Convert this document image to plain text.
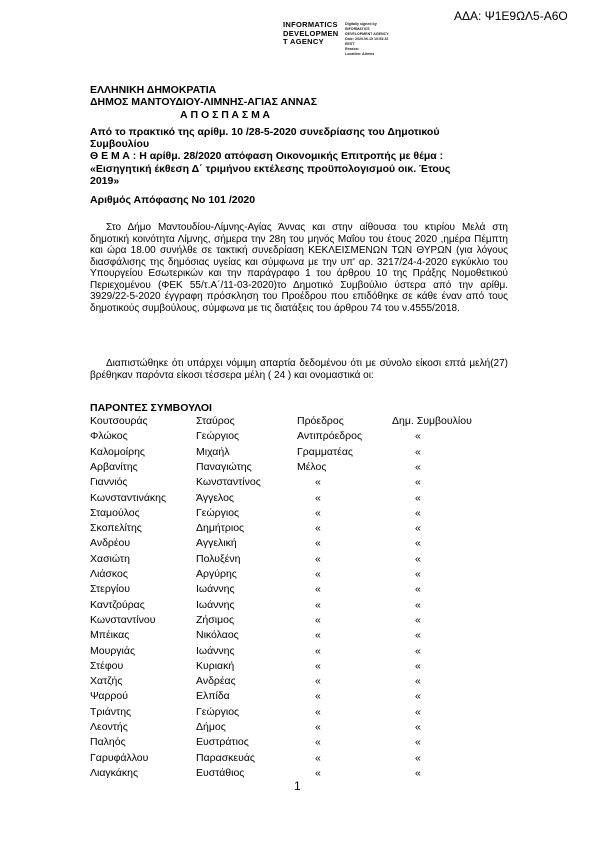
ΑΔΑ: Ψ1Ε9ΩΛ5-Α6Ο
INFORMATICS
DEVELOPMEN
T AGENCY
Digitally signed by
INFORMATICS
DEVELOPMENT AGENCY
Date: 2020.06.15 10:53:32
EEST
Reason:
Location: Athens
ΕΛΛΗΝΙΚΗ ΔΗΜΟΚΡΑΤΙΑ
ΔΗΜΟΣ ΜΑΝΤΟΥΔΙΟΥ-ΛΙΜΝΗΣ-ΑΓΙΑΣ ΑΝΝΑΣ
Α Π Ο Σ Π Α Σ Μ Α
Από το πρακτικό της αρίθμ. 10 /28-5-2020 συνεδρίασης του Δημοτικού
Συμβουλίου
Θ Ε Μ Α : Η αρίθμ. 28/2020 απόφαση Οικονομικής Επιτροπής με θέμα :
«Εισηγητική έκθεση Δ΄ τριμήνου εκτέλεσης προϋπολογισμού οικ. Έτους
2019»
Αριθμός Απόφασης Νο 101 /2020
Στο Δήμο Μαντουδίου-Λίμνης-Αγίας Άννας και στην αίθουσα του κτιρίου Μελά στη δημοτική κοινότητα Λίμνης, σήμερα την 28η του μηνός Μαΐου του έτους 2020 ,ημέρα Πέμπτη και ώρα 18.00 συνήλθε σε τακτική συνεδρίαση ΚΕΚΛΕΙΣΜΕΝΩΝ ΤΩΝ ΘΥΡΩΝ (για λόγους διασφάλισης της δημόσιας υγείας και σύμφωνα με την υπ' αρ. 3217/24-4-2020 εγκύκλιο του Υπουργείου Εσωτερικών και την παράγραφο 1 του άρθρου 10 της Πράξης Νομοθετικού Περιεχομένου (ΦΕΚ 55/τ.Α΄/11-03-2020)το Δημοτικό Συμβούλιο ύστερα από την αρίθμ. 3929/22-5-2020 έγγραφη πρόσκληση του Προέδρου που επιδόθηκε σε κάθε έναν από τους δημοτικούς συμβούλους, σύμφωνα με τις διατάξεις του άρθρου 74 του ν.4555/2018.
Διαπιστώθηκε ότι υπάρχει νόμιμη απαρτία δεδομένου ότι με σύνολο είκοσι επτά μελή(27) βρέθηκαν παρόντα είκοσι τέσσερα μέλη ( 24 ) και ονομαστικά οι:
ΠΑΡΟΝΤΕΣ ΣΥΜΒΟΥΛΟΙ
Κουτσουράς	Σταύρος	Πρόεδρος	Δημ. Συμβουλίου
Φλώκος	Γεώργιος	Αντιπρόεδρος	«
Καλομοίρης	Μιχαήλ	Γραμματέας	«
Αρβανίτης	Παναγιώτης	Μέλος	«
Γιαννιός	Κωνσταντίνος	«	«
Κωνσταντινάκης	Άγγελος	«	«
Σταμούλος	Γεώργιος	«	«
Σκοπελίτης	Δημήτριος	«	«
Ανδρέου	Αγγελική	«	«
Χασιώτη	Πολυξένη	«	«
Λιάσκος	Αργύρης	«	«
Στεργίου	Ιωάννης	«	«
Καντζούρας	Ιωάννης	«	«
Κωνσταντίνου	Ζήσιμος	«	«
Μπέικας	Νικόλαος	«	«
Μουργιάς	Ιωάννης	«	«
Στέφου	Κυριακή	«	«
Χατζής	Ανδρέας	«	«
Ψαρρού	Ελπίδα	«	«
Τριάντης	Γεώργιος	«	«
Λεοντής	Δήμος	«	«
Παληός	Ευστράτιος	«	«
Γαρυφάλλου	Παρασκευάς	«	«
Λιαγκάκης	Ευστάθιος	«	«
1
